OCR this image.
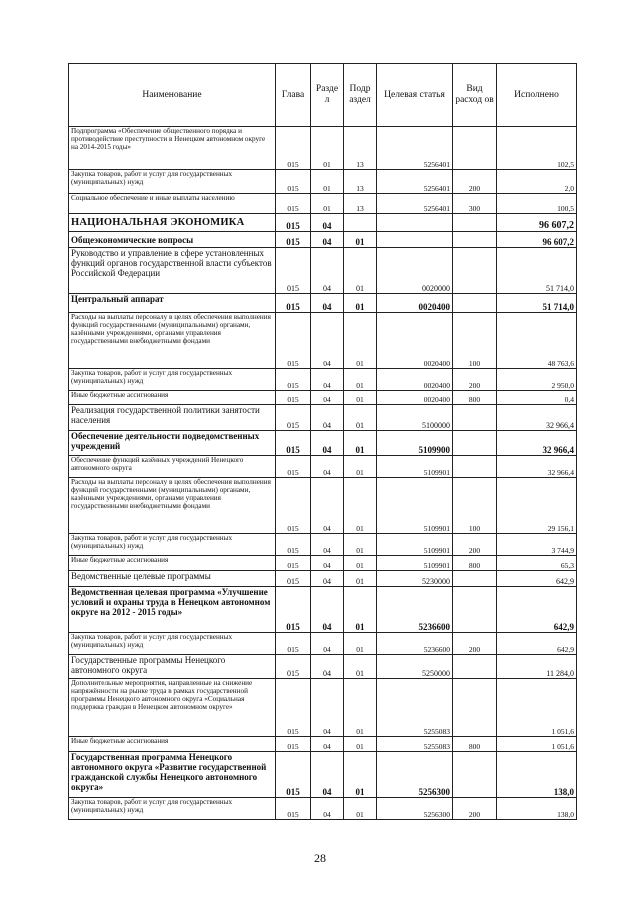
Наименование	Глава	Разде л	Подр аздел	Целевая статья	Вид расход ов	Исполнено
Подпрограмма «Обеспечение общественного порядка и противодействие преступности в Ненецком автономном округе на 2014-2015 годы»	015	01	13	5256401		102,5
Закупка товаров, работ и услуг для государственных (муниципальных) нужд	015	01	13	5256401	200	2,0
Социальное обеспечение и иные выплаты населению	015	01	13	5256401	300	100,5
НАЦИОНАЛЬНАЯ ЭКОНОМИКА	015	04				96 607,2
Общеэкономические вопросы	015	04	01			96 607,2
Руководство и управление в сфере установленных функций органов государственной власти субъектов Российской Федерации	015	04	01	0020000		51 714,0
Центральный аппарат	015	04	01	0020400		51 714,0
Расходы на выплаты персоналу в целях обеспечения выполнения функций государственными (муниципальными) органами, казёнными учреждениями, органами управления государственными внебюджетными фондами	015	04	01	0020400	100	48 763,6
Закупка товаров, работ и услуг для государственных (муниципальных) нужд	015	04	01	0020400	200	2 950,0
Иные бюджетные ассигнования	015	04	01	0020400	800	0,4
Реализация государственной политики занятости населения	015	04	01	5100000		32 966,4
Обеспечение деятельности подведомственных учреждений	015	04	01	5109900		32 966,4
Обеспечение функций казённых учреждений Ненецкого автономного округа	015	04	01	5109901		32 966,4
Расходы на выплаты персоналу в целях обеспечения выполнения функций государственными (муниципальными) органами, казёнными учреждениями, органами управления государственными внебюджетными фондами	015	04	01	5109901	100	29 156,1
Закупка товаров, работ и услуг для государственных (муниципальных) нужд	015	04	01	5109901	200	3 744,9
Иные бюджетные ассигнования	015	04	01	5109901	800	65,3
Ведомственные целевые программы	015	04	01	5230000		642,9
Ведомственная целевая программа «Улучшение условий и охраны труда в Ненецком автономном округе на 2012 - 2015 годы»	015	04	01	5236600		642,9
Закупка товаров, работ и услуг для государственных (муниципальных) нужд	015	04	01	5236600	200	642,9
Государственные программы Ненецкого автономного округа	015	04	01	5250000		11 284,0
Дополнительные мероприятия, направленные на снижение напряжённости на рынке труда в рамках государственной программы Ненецкого автономного округа «Социальная поддержка граждан в Ненецком автономном округе»	015	04	01	5255083		1 051,6
Иные бюджетные ассигнования	015	04	01	5255083	800	1 051,6
Государственная программа Ненецкого автономного округа «Развитие государственной гражданской службы Ненецкого автономного округа»	015	04	01	5256300		138,0
Закупка товаров, работ и услуг для государственных (муниципальных) нужд	015	04	01	5256300	200	138,0
28
